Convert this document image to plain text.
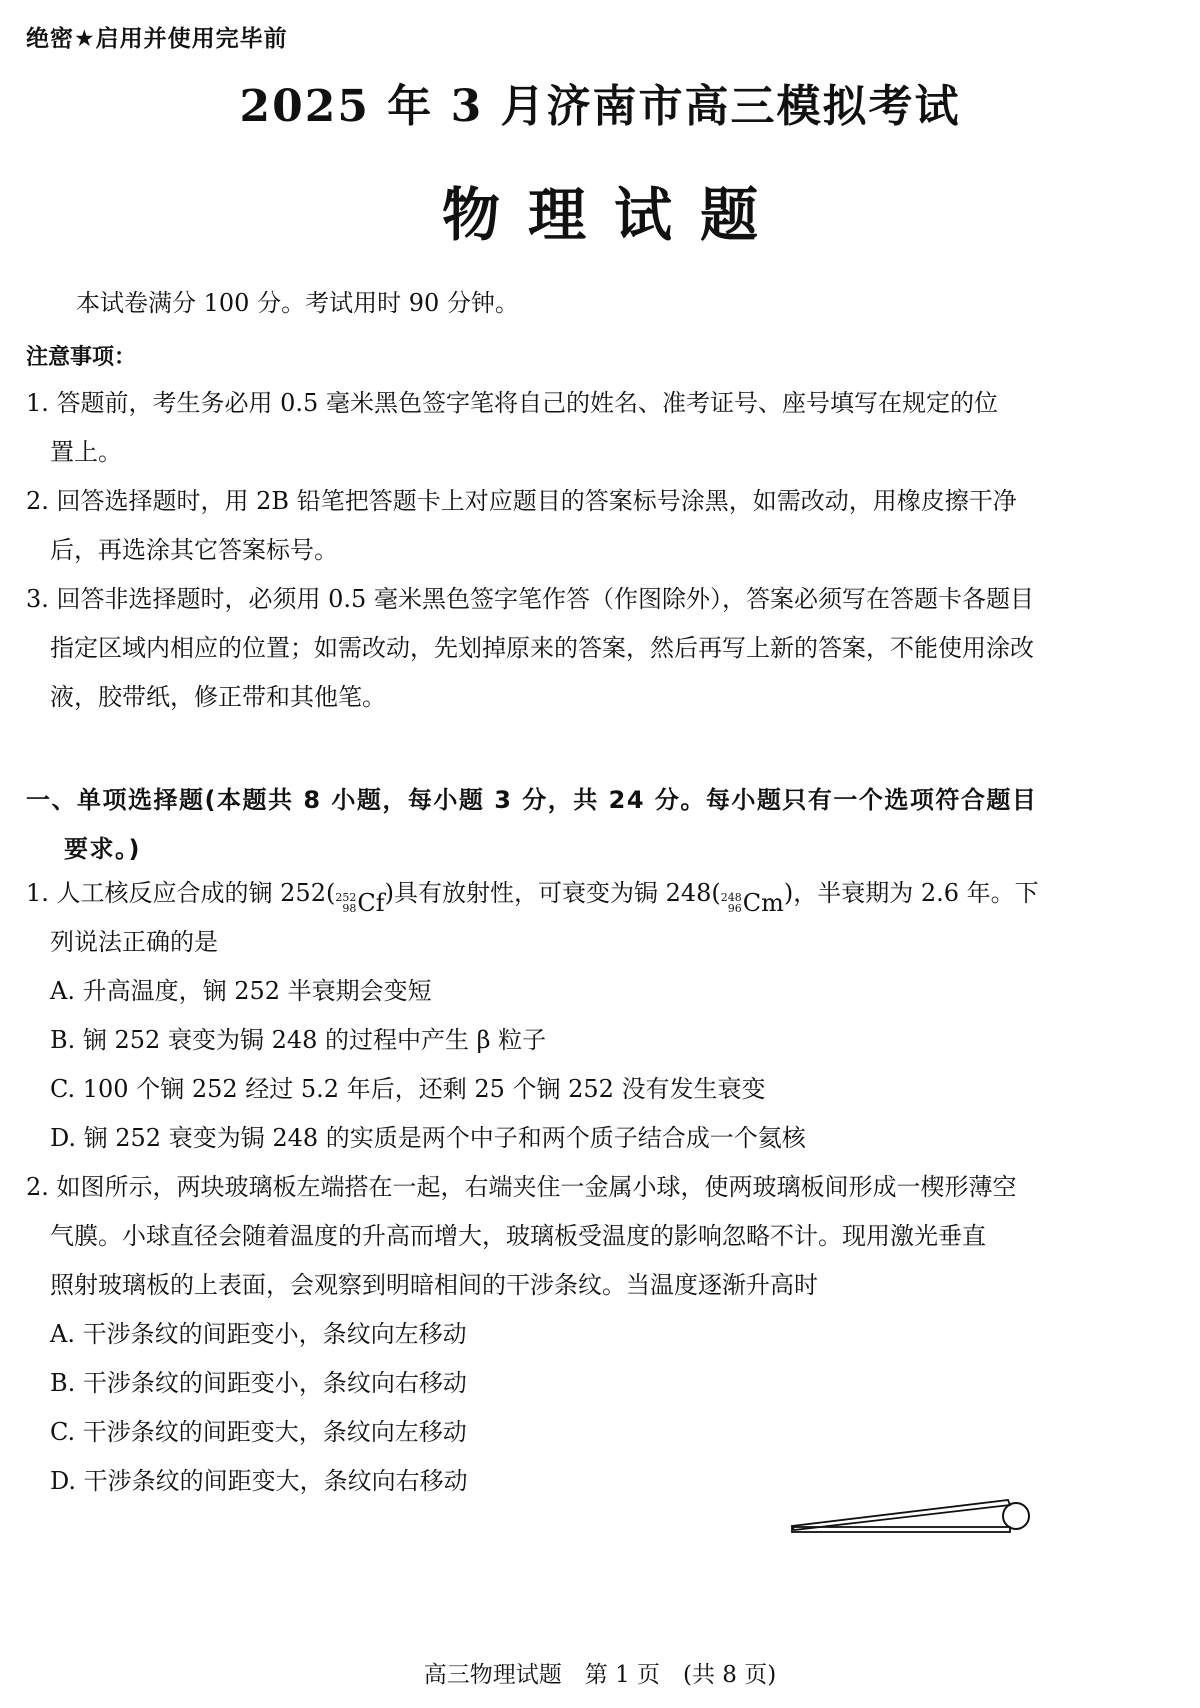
绝密★启用并使用完毕前
2025 年 3 月济南市高三模拟考试
物理试题
本试卷满分 100 分。考试用时 90 分钟。
注意事项：
1. 答题前，考生务必用 0.5 毫米黑色签字笔将自己的姓名、准考证号、座号填写在规定的位
置上。
2. 回答选择题时，用 2B 铅笔把答题卡上对应题目的答案标号涂黑，如需改动，用橡皮擦干净
后，再选涂其它答案标号。
3. 回答非选择题时，必须用 0.5 毫米黑色签字笔作答（作图除外），答案必须写在答题卡各题目
指定区域内相应的位置；如需改动，先划掉原来的答案，然后再写上新的答案，不能使用涂改
液，胶带纸，修正带和其他笔。
一、单项选择题(本题共 8 小题，每小题 3 分，共 24 分。每小题只有一个选项符合题目
要求。)
1. 人工核反应合成的锎 252( 252
98 Cf )具有放射性，可衰变为锔 248( 248
96 Cm )，半衰期为 2.6 年。下
列说法正确的是
A. 升高温度，锎 252 半衰期会变短
B. 锎 252 衰变为锔 248 的过程中产生 β 粒子
C. 100 个锎 252 经过 5.2 年后，还剩 25 个锎 252 没有发生衰变
D. 锎 252 衰变为锔 248 的实质是两个中子和两个质子结合成一个氦核
2. 如图所示，两块玻璃板左端搭在一起，右端夹住一金属小球，使两玻璃板间形成一楔形薄空
气膜。小球直径会随着温度的升高而增大，玻璃板受温度的影响忽略不计。现用激光垂直
照射玻璃板的上表面，会观察到明暗相间的干涉条纹。当温度逐渐升高时
A. 干涉条纹的间距变小，条纹向左移动
B. 干涉条纹的间距变小，条纹向右移动
C. 干涉条纹的间距变大，条纹向左移动
D. 干涉条纹的间距变大，条纹向右移动
高三物理试题　第 1 页　(共 8 页)
